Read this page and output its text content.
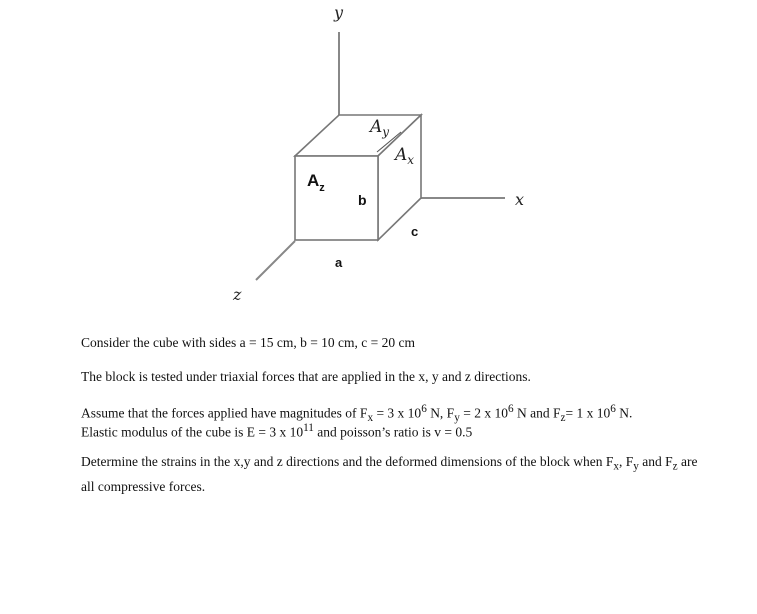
y
x
z
$A_y$
$A_x$
$A_z$
b
c
a

Consider the cube with sides a = 15 cm, b = 10 cm, c = 20 cm

The block is tested under triaxial forces that are applied in the x, y and z directions.

Assume that the forces applied have magnitudes of $F_x = 3$ x $10^6$ N, $F_y = 2$ x $10^6$ N and $F_z= 1$ x $10^6$ N.

Elastic modulus of the cube is E = 3 x $10^{11}$ and poisson’s ratio is v = 0.5

Determine the strains in the x,y and z directions and the deformed dimensions of the block when $F_x$, $F_y$ and $F_z$ are all compressive forces.
